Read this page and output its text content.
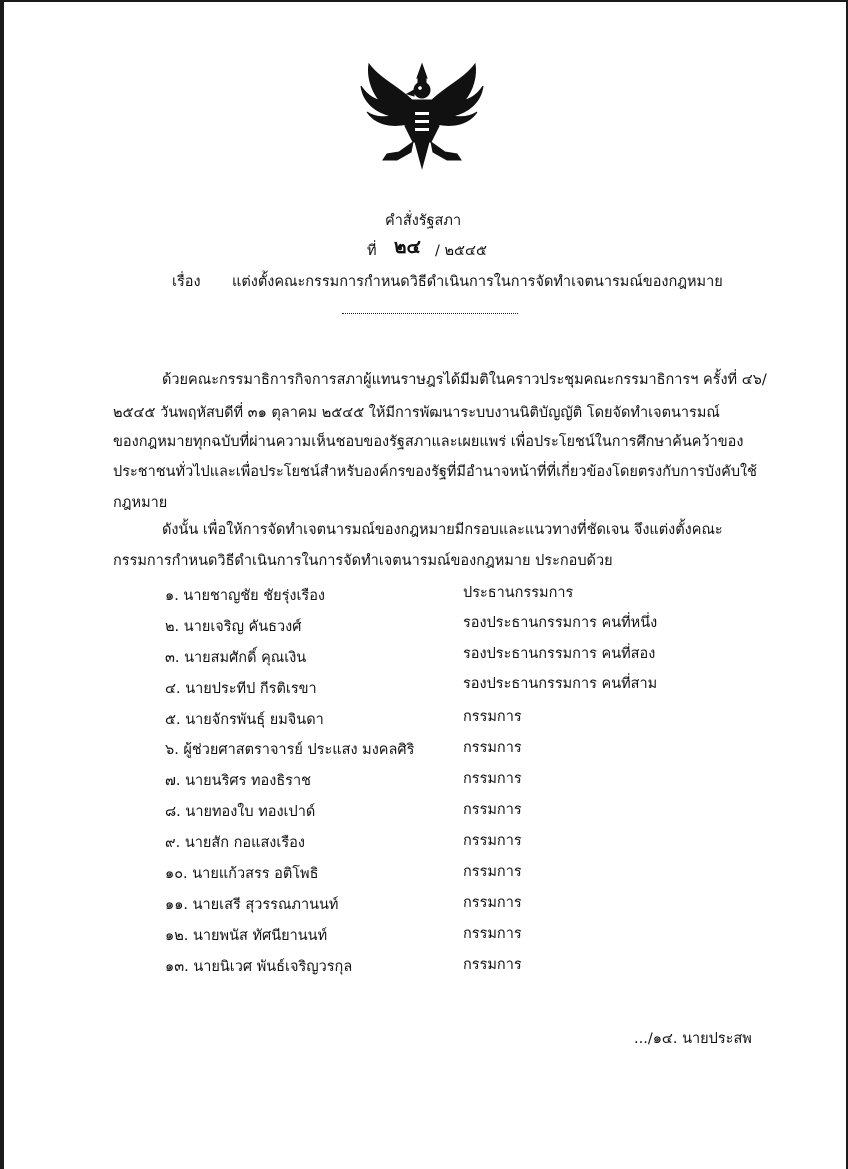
คำสั่งรัฐสภา
ที่ ๒๔ / ๒๕๔๕
เรื่อง แต่งตั้งคณะกรรมการกำหนดวิธีดำเนินการในการจัดทำเจตนารมณ์ของกฎหมาย
ด้วยคณะกรรมาธิการกิจการสภาผู้แทนราษฎรได้มีมติในคราวประชุมคณะกรรมาธิการฯ ครั้งที่ ๔๖/
๒๕๔๕ วันพฤหัสบดีที่ ๓๑ ตุลาคม ๒๕๔๕ ให้มีการพัฒนาระบบงานนิติบัญญัติ โดยจัดทำเจตนารมณ์
ของกฎหมายทุกฉบับที่ผ่านความเห็นชอบของรัฐสภาและเผยแพร่ เพื่อประโยชน์ในการศึกษาค้นคว้าของ
ประชาชนทั่วไปและเพื่อประโยชน์สำหรับองค์กรของรัฐที่มีอำนาจหน้าที่ที่เกี่ยวข้องโดยตรงกับการบังคับใช้
กฎหมาย
ดังนั้น เพื่อให้การจัดทำเจตนารมณ์ของกฎหมายมีกรอบและแนวทางที่ชัดเจน จึงแต่งตั้งคณะ
กรรมการกำหนดวิธีดำเนินการในการจัดทำเจตนารมณ์ของกฎหมาย ประกอบด้วย
๑. นายชาญชัย ชัยรุ่งเรือง	ประธานกรรมการ
๒. นายเจริญ คันธวงศ์	รองประธานกรรมการ คนที่หนึ่ง
๓. นายสมศักดิ์ คุณเงิน	รองประธานกรรมการ คนที่สอง
๔. นายประทีป กีรติเรขา	รองประธานกรรมการ คนที่สาม
๕. นายจักรพันธุ์ ยมจินดา	กรรมการ
๖. ผู้ช่วยศาสตราจารย์ ประแสง มงคลศิริ	กรรมการ
๗. นายนริศร ทองธิราช	กรรมการ
๘. นายทองใบ ทองเปาด์	กรรมการ
๙. นายสัก กอแสงเรือง	กรรมการ
๑๐. นายแก้วสรร อติโพธิ	กรรมการ
๑๑. นายเสรี สุวรรณภานนท์	กรรมการ
๑๒. นายพนัส ทัศนียานนท์	กรรมการ
๑๓. นายนิเวศ พันธ์เจริญวรกุล	กรรมการ
.../๑๔. นายประสพ
